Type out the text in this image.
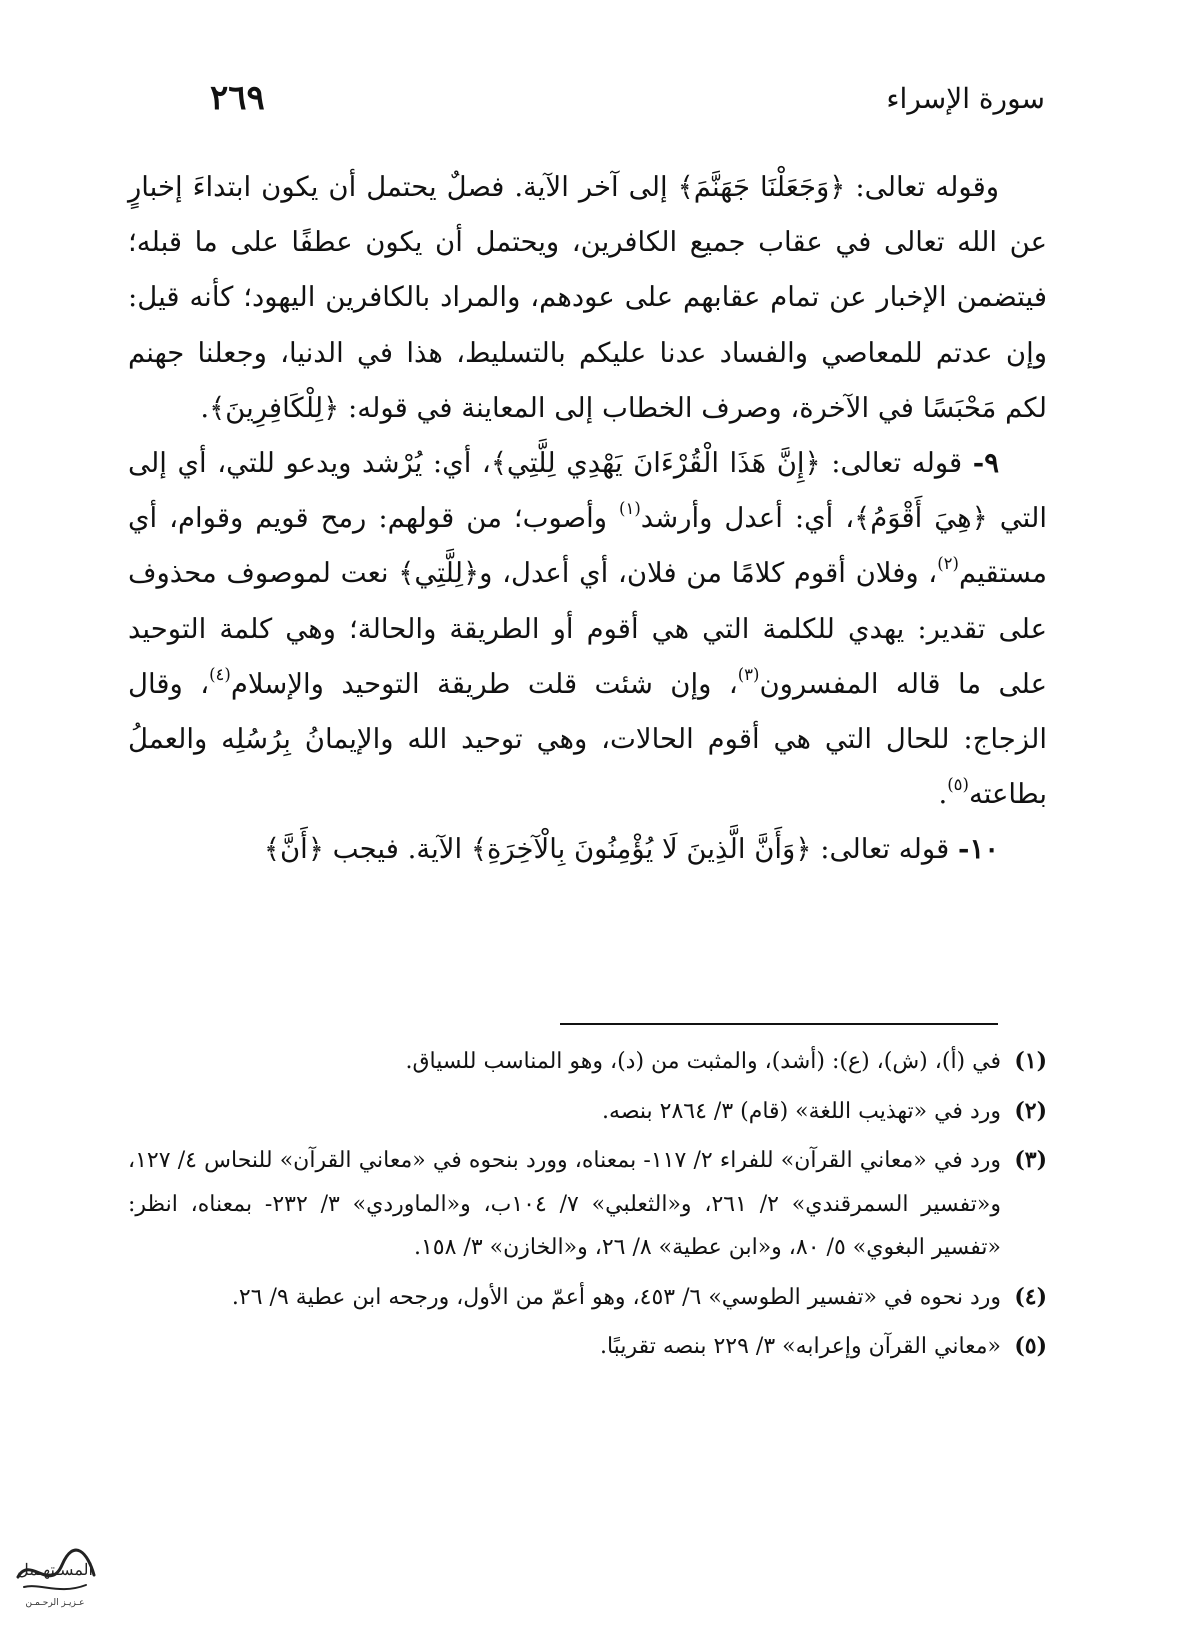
٢٦٩	سورة الإسراء

وقوله تعالى: ﴿وَجَعَلْنَا جَهَنَّمَ﴾ إلى آخر الآية. فصلٌ يحتمل أن يكون ابتداءَ إخبارٍ عن الله تعالى في عقاب جميع الكافرين، ويحتمل أن يكون عطفًا على ما قبله؛ فيتضمن الإخبار عن تمام عقابهم على عودهم، والمراد بالكافرين اليهود؛ كأنه قيل: وإن عدتم للمعاصي والفساد عدنا عليكم بالتسليط، هذا في الدنيا، وجعلنا جهنم لكم مَحْبَسًا في الآخرة، وصرف الخطاب إلى المعاينة في قوله: ﴿لِلْكَافِرِينَ﴾.

٩- قوله تعالى: ﴿إِنَّ هَذَا الْقُرْءَانَ يَهْدِي لِلَّتِي﴾، أي: يُرْشد ويدعو للتي، أي إلى التي ﴿هِيَ أَقْوَمُ﴾، أي: أعدل وأرشد$^{(١)}$ وأصوب؛ من قولهم: رمح قويم وقوام، أي مستقيم$^{(٢)}$، وفلان أقوم كلامًا من فلان، أي أعدل، و﴿لِلَّتِي﴾ نعت لموصوف محذوف على تقدير: يهدي للكلمة التي هي أقوم أو الطريقة والحالة؛ وهي كلمة التوحيد على ما قاله المفسرون$^{(٣)}$، وإن شئت قلت طريقة التوحيد والإسلام$^{(٤)}$، وقال الزجاج: للحال التي هي أقوم الحالات، وهي توحيد الله والإيمانُ بِرُسُلِه والعملُ بطاعته$^{(٥)}$.

١٠- قوله تعالى: ﴿وَأَنَّ الَّذِينَ لَا يُؤْمِنُونَ بِالْآخِرَةِ﴾ الآية. فيجب ﴿أَنَّ﴾

(١)
في (أ)، (ش)، (ع): (أشد)، والمثبت من (د)، وهو المناسب للسياق.
(٢)
ورد في «تهذيب اللغة» (قام) ٣/ ٢٨٦٤ بنصه.
(٣)
ورد في «معاني القرآن» للفراء ٢/ ١١٧- بمعناه، وورد بنحوه في «معاني القرآن» للنحاس ٤/ ١٢٧، و«تفسير السمرقندي» ٢/ ٢٦١، و«الثعلبي» ٧/ ١٠٤ب، و«الماوردي» ٣/ ٢٣٢- بمعناه، انظر: «تفسير البغوي» ٥/ ٨٠، و«ابن عطية» ٨/ ٢٦، و«الخازن» ٣/ ١٥٨.
(٤)
ورد نحوه في «تفسير الطوسي» ٦/ ٤٥٣، وهو أعمّ من الأول، ورجحه ابن عطية ٩/ ٢٦.
(٥)
«معاني القرآن وإعرابه» ٣/ ٢٢٩ بنصه تقريبًا.
المسـتهـمل
عـزيـز الرحـمـن
